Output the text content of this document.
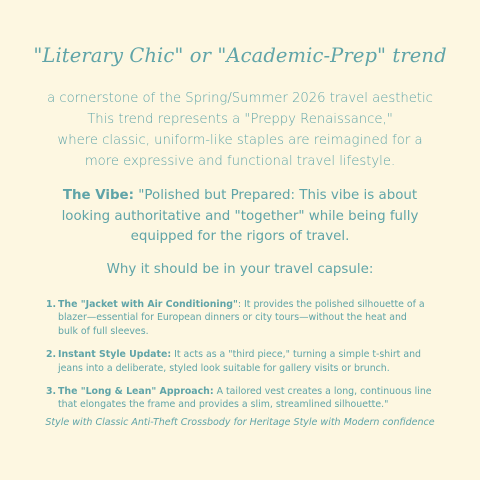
"Literary Chic" or "Academic-Prep" trend
a cornerstone of the Spring/Summer 2026 travel aesthetic
This trend represents a "Preppy Renaissance,"
where classic, uniform-like staples are reimagined for a
more expressive and functional travel lifestyle.
The Vibe: "Polished but Prepared: This vibe is about
looking authoritative and "together" while being fully
equipped for the rigors of travel.
Why it should be in your travel capsule:
1. The "Jacket with Air Conditioning": It provides the polished silhouette of a
blazer—essential for European dinners or city tours—without the heat and
bulk of full sleeves.
2. Instant Style Update: It acts as a "third piece," turning a simple t-shirt and
jeans into a deliberate, styled look suitable for gallery visits or brunch.
3. The "Long & Lean" Approach: A tailored vest creates a long, continuous line
that elongates the frame and provides a slim, streamlined silhouette."
Style with Classic Anti-Theft Crossbody for Heritage Style with Modern confidence
